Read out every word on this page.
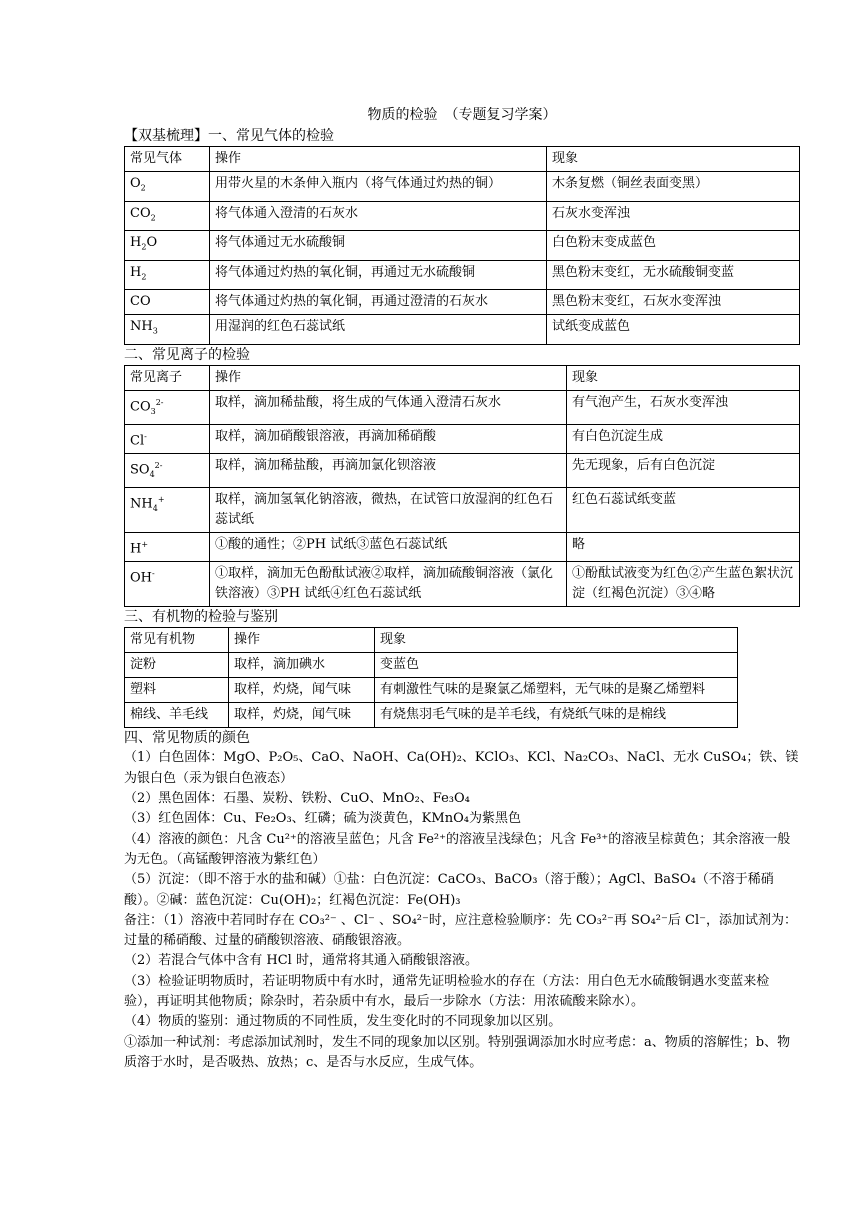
物质的检验　（专题复习学案）
【双基梳理】一、常见气体的检验
常见气体	操作	现象
$O_2$	用带火星的木条伸入瓶内（将气体通过灼热的铜）	木条复燃（铜丝表面变黑）
$CO_2$	将气体通入澄清的石灰水	石灰水变浑浊
$H_2O$	将气体通过无水硫酸铜	白色粉末变成蓝色
$H_2$	将气体通过灼热的氧化铜，再通过无水硫酸铜	黑色粉末变红，无水硫酸铜变蓝
CO	将气体通过灼热的氧化铜，再通过澄清的石灰水	黑色粉末变红，石灰水变浑浊
$NH_3$	用湿润的红色石蕊试纸	试纸变成蓝色
二、常见离子的检验
常见离子	操作	现象
$CO_3^{2-}$	取样，滴加稀盐酸，将生成的气体通入澄清石灰水	有气泡产生，石灰水变浑浊
Cl-	取样，滴加硝酸银溶液，再滴加稀硝酸	有白色沉淀生成
$SO_4^{2-}$	取样，滴加稀盐酸，再滴加氯化钡溶液	先无现象，后有白色沉淀
$NH_4^+$	取样，滴加氢氧化钠溶液，微热，在试管口放湿润的红色石蕊试纸	红色石蕊试纸变蓝
H+	①酸的通性；②PH 试纸③蓝色石蕊试纸	略
OH-	①取样，滴加无色酚酞试液②取样，滴加硫酸铜溶液（氯化铁溶液）③PH 试纸④红色石蕊试纸	①酚酞试液变为红色②产生蓝色絮状沉淀（红褐色沉淀）③④略
三、有机物的检验与鉴别
常见有机物	操作	现象
淀粉	取样，滴加碘水	变蓝色
塑料	取样，灼烧，闻气味	有刺激性气味的是聚氯乙烯塑料，无气味的是聚乙烯塑料
棉线、羊毛线	取样，灼烧，闻气味	有烧焦羽毛气味的是羊毛线，有烧纸气味的是棉线
四、常见物质的颜色
（1）白色固体：MgO、P₂O₅、CaO、NaOH、Ca(OH)₂、KClO₃、KCl、Na₂CO₃、NaCl、无水 CuSO₄；铁、镁为银白色（汞为银白色液态）
（2）黑色固体：石墨、炭粉、铁粉、CuO、MnO₂、Fe₃O₄
（3）红色固体：Cu、Fe₂O₃、红磷；硫为淡黄色，KMnO₄为紫黑色
（4）溶液的颜色：凡含 Cu²⁺的溶液呈蓝色；凡含 Fe²⁺的溶液呈浅绿色；凡含 Fe³⁺的溶液呈棕黄色；其余溶液一般为无色。（高锰酸钾溶液为紫红色）
（5）沉淀：（即不溶于水的盐和碱）①盐：白色沉淀：CaCO₃、BaCO₃（溶于酸）；AgCl、BaSO₄（不溶于稀硝酸）。②碱：蓝色沉淀：Cu(OH)₂；红褐色沉淀：Fe(OH)₃
备注：（1）溶液中若同时存在 CO₃²⁻ 、Cl⁻ 、SO₄²⁻时，应注意检验顺序：先 CO₃²⁻再 SO₄²⁻后 Cl⁻，添加试剂为：过量的稀硝酸、过量的硝酸钡溶液、硝酸银溶液。
（2）若混合气体中含有 HCl 时，通常将其通入硝酸银溶液。
（3）检验证明物质时，若证明物质中有水时，通常先证明检验水的存在（方法：用白色无水硫酸铜遇水变蓝来检验），再证明其他物质；除杂时，若杂质中有水，最后一步除水（方法：用浓硫酸来除水）。
（4）物质的鉴别：通过物质的不同性质，发生变化时的不同现象加以区别。
①添加一种试剂：考虑添加试剂时，发生不同的现象加以区别。特别强调添加水时应考虑：a、物质的溶解性；b、物质溶于水时，是否吸热、放热；c、是否与水反应，生成气体。
